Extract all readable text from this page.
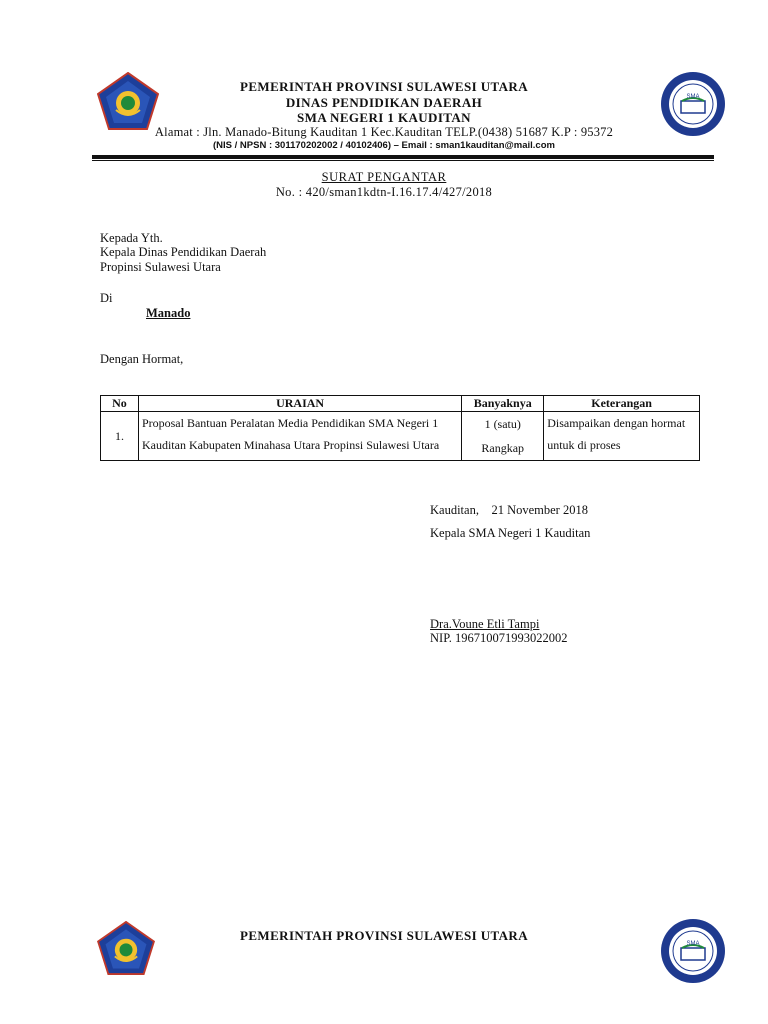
SMA
PEMERINTAH PROVINSI SULAWESI UTARA
DINAS PENDIDIKAN DAERAH
SMA NEGERI 1 KAUDITAN
Alamat : Jln. Manado-Bitung Kauditan 1 Kec.Kauditan TELP.(0438) 51687 K.P : 95372
(NIS / NPSN : 301170202002 / 40102406) – Email : sman1kauditan@mail.com
SURAT PENGANTAR
No. : 420/sman1kdtn-I.16.17.4/427/2018
Kepada Yth.
Kepala Dinas Pendidikan Daerah
Propinsi Sulawesi Utara
Di
Manado
Dengan Hormat,
No	URAIAN	Banyaknya	Keterangan
1.	Proposal Bantuan Peralatan Media Pendidikan SMA Negeri 1 Kauditan Kabupaten Minahasa Utara Propinsi Sulawesi Utara	1 (satu) Rangkap	Disampaikan dengan hormat untuk di proses
Kauditan,    21 November 2018
Kepala SMA Negeri 1 Kauditan
Dra.Voune Etli Tampi
NIP. 196710071993022002
PEMERINTAH PROVINSI SULAWESI UTARA
SMA
